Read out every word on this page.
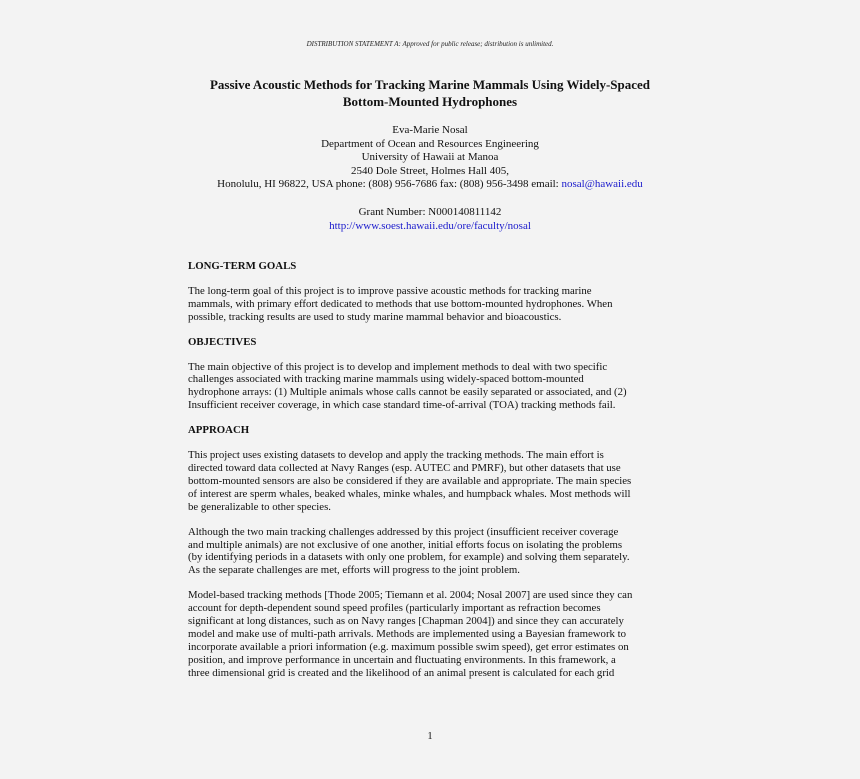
DISTRIBUTION STATEMENT A: Approved for public release; distribution is unlimited.
Passive Acoustic Methods for Tracking Marine Mammals Using Widely-Spaced
Bottom-Mounted Hydrophones
Eva-Marie Nosal
Department of Ocean and Resources Engineering
University of Hawaii at Manoa
2540 Dole Street, Holmes Hall 405,
Honolulu, HI 96822, USA phone: (808) 956-7686 fax: (808) 956-3498 email: nosal@hawaii.edu
Grant Number: N000140811142
http://www.soest.hawaii.edu/ore/faculty/nosal
LONG-TERM GOALS
The long-term goal of this project is to improve passive acoustic methods for tracking marine
mammals, with primary effort dedicated to methods that use bottom-mounted hydrophones. When
possible, tracking results are used to study marine mammal behavior and bioacoustics.
OBJECTIVES
The main objective of this project is to develop and implement methods to deal with two specific
challenges associated with tracking marine mammals using widely-spaced bottom-mounted
hydrophone arrays: (1) Multiple animals whose calls cannot be easily separated or associated, and (2)
Insufficient receiver coverage, in which case standard time-of-arrival (TOA) tracking methods fail.
APPROACH
This project uses existing datasets to develop and apply the tracking methods. The main effort is
directed toward data collected at Navy Ranges (esp. AUTEC and PMRF), but other datasets that use
bottom-mounted sensors are also be considered if they are available and appropriate. The main species
of interest are sperm whales, beaked whales, minke whales, and humpback whales. Most methods will
be generalizable to other species.
Although the two main tracking challenges addressed by this project (insufficient receiver coverage
and multiple animals) are not exclusive of one another, initial efforts focus on isolating the problems
(by identifying periods in a datasets with only one problem, for example) and solving them separately.
As the separate challenges are met, efforts will progress to the joint problem.
Model-based tracking methods [Thode 2005; Tiemann et al. 2004; Nosal 2007] are used since they can
account for depth-dependent sound speed profiles (particularly important as refraction becomes
significant at long distances, such as on Navy ranges [Chapman 2004]) and since they can accurately
model and make use of multi-path arrivals. Methods are implemented using a Bayesian framework to
incorporate available a priori information (e.g. maximum possible swim speed), get error estimates on
position, and improve performance in uncertain and fluctuating environments. In this framework, a
three dimensional grid is created and the likelihood of an animal present is calculated for each grid
1
